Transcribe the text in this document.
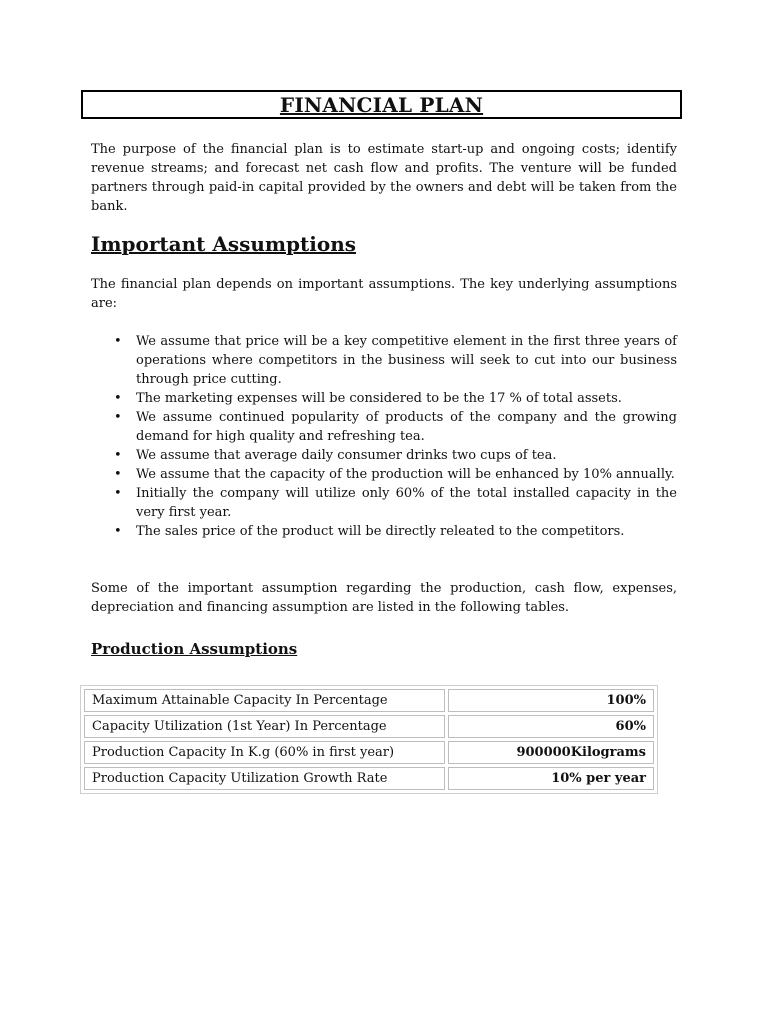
FINANCIAL PLAN

The purpose of the financial plan is to estimate start-up and ongoing costs; identify revenue streams; and forecast net cash flow and profits. The venture will be funded partners through paid-in capital provided by the owners and debt will be taken from the bank.

Important Assumptions

The financial plan depends on important assumptions. The key underlying assumptions are:

• We assume that price will be a key competitive element in the first three years of operations where competitors in the business will seek to cut into our business through price cutting.
• The marketing expenses will be considered to be the 17 % of total assets.
• We assume continued popularity of products of the company and the growing demand for high quality and refreshing tea.
• We assume that average daily consumer drinks two cups of tea.
• We assume that the capacity of the production will be enhanced by 10% annually.
• Initially the company will utilize only 60% of the total installed capacity in the very first year.
• The sales price of the product will be directly releated to the competitors.

Some of the important assumption regarding the production, cash flow, expenses, depreciation and financing assumption are listed in the following tables.

Production Assumptions
Maximum Attainable Capacity In Percentage	100%
Capacity Utilization (1st Year) In Percentage	60%
Production Capacity In K.g (60% in first year)	900000Kilograms
Production Capacity Utilization Growth Rate	10% per year
